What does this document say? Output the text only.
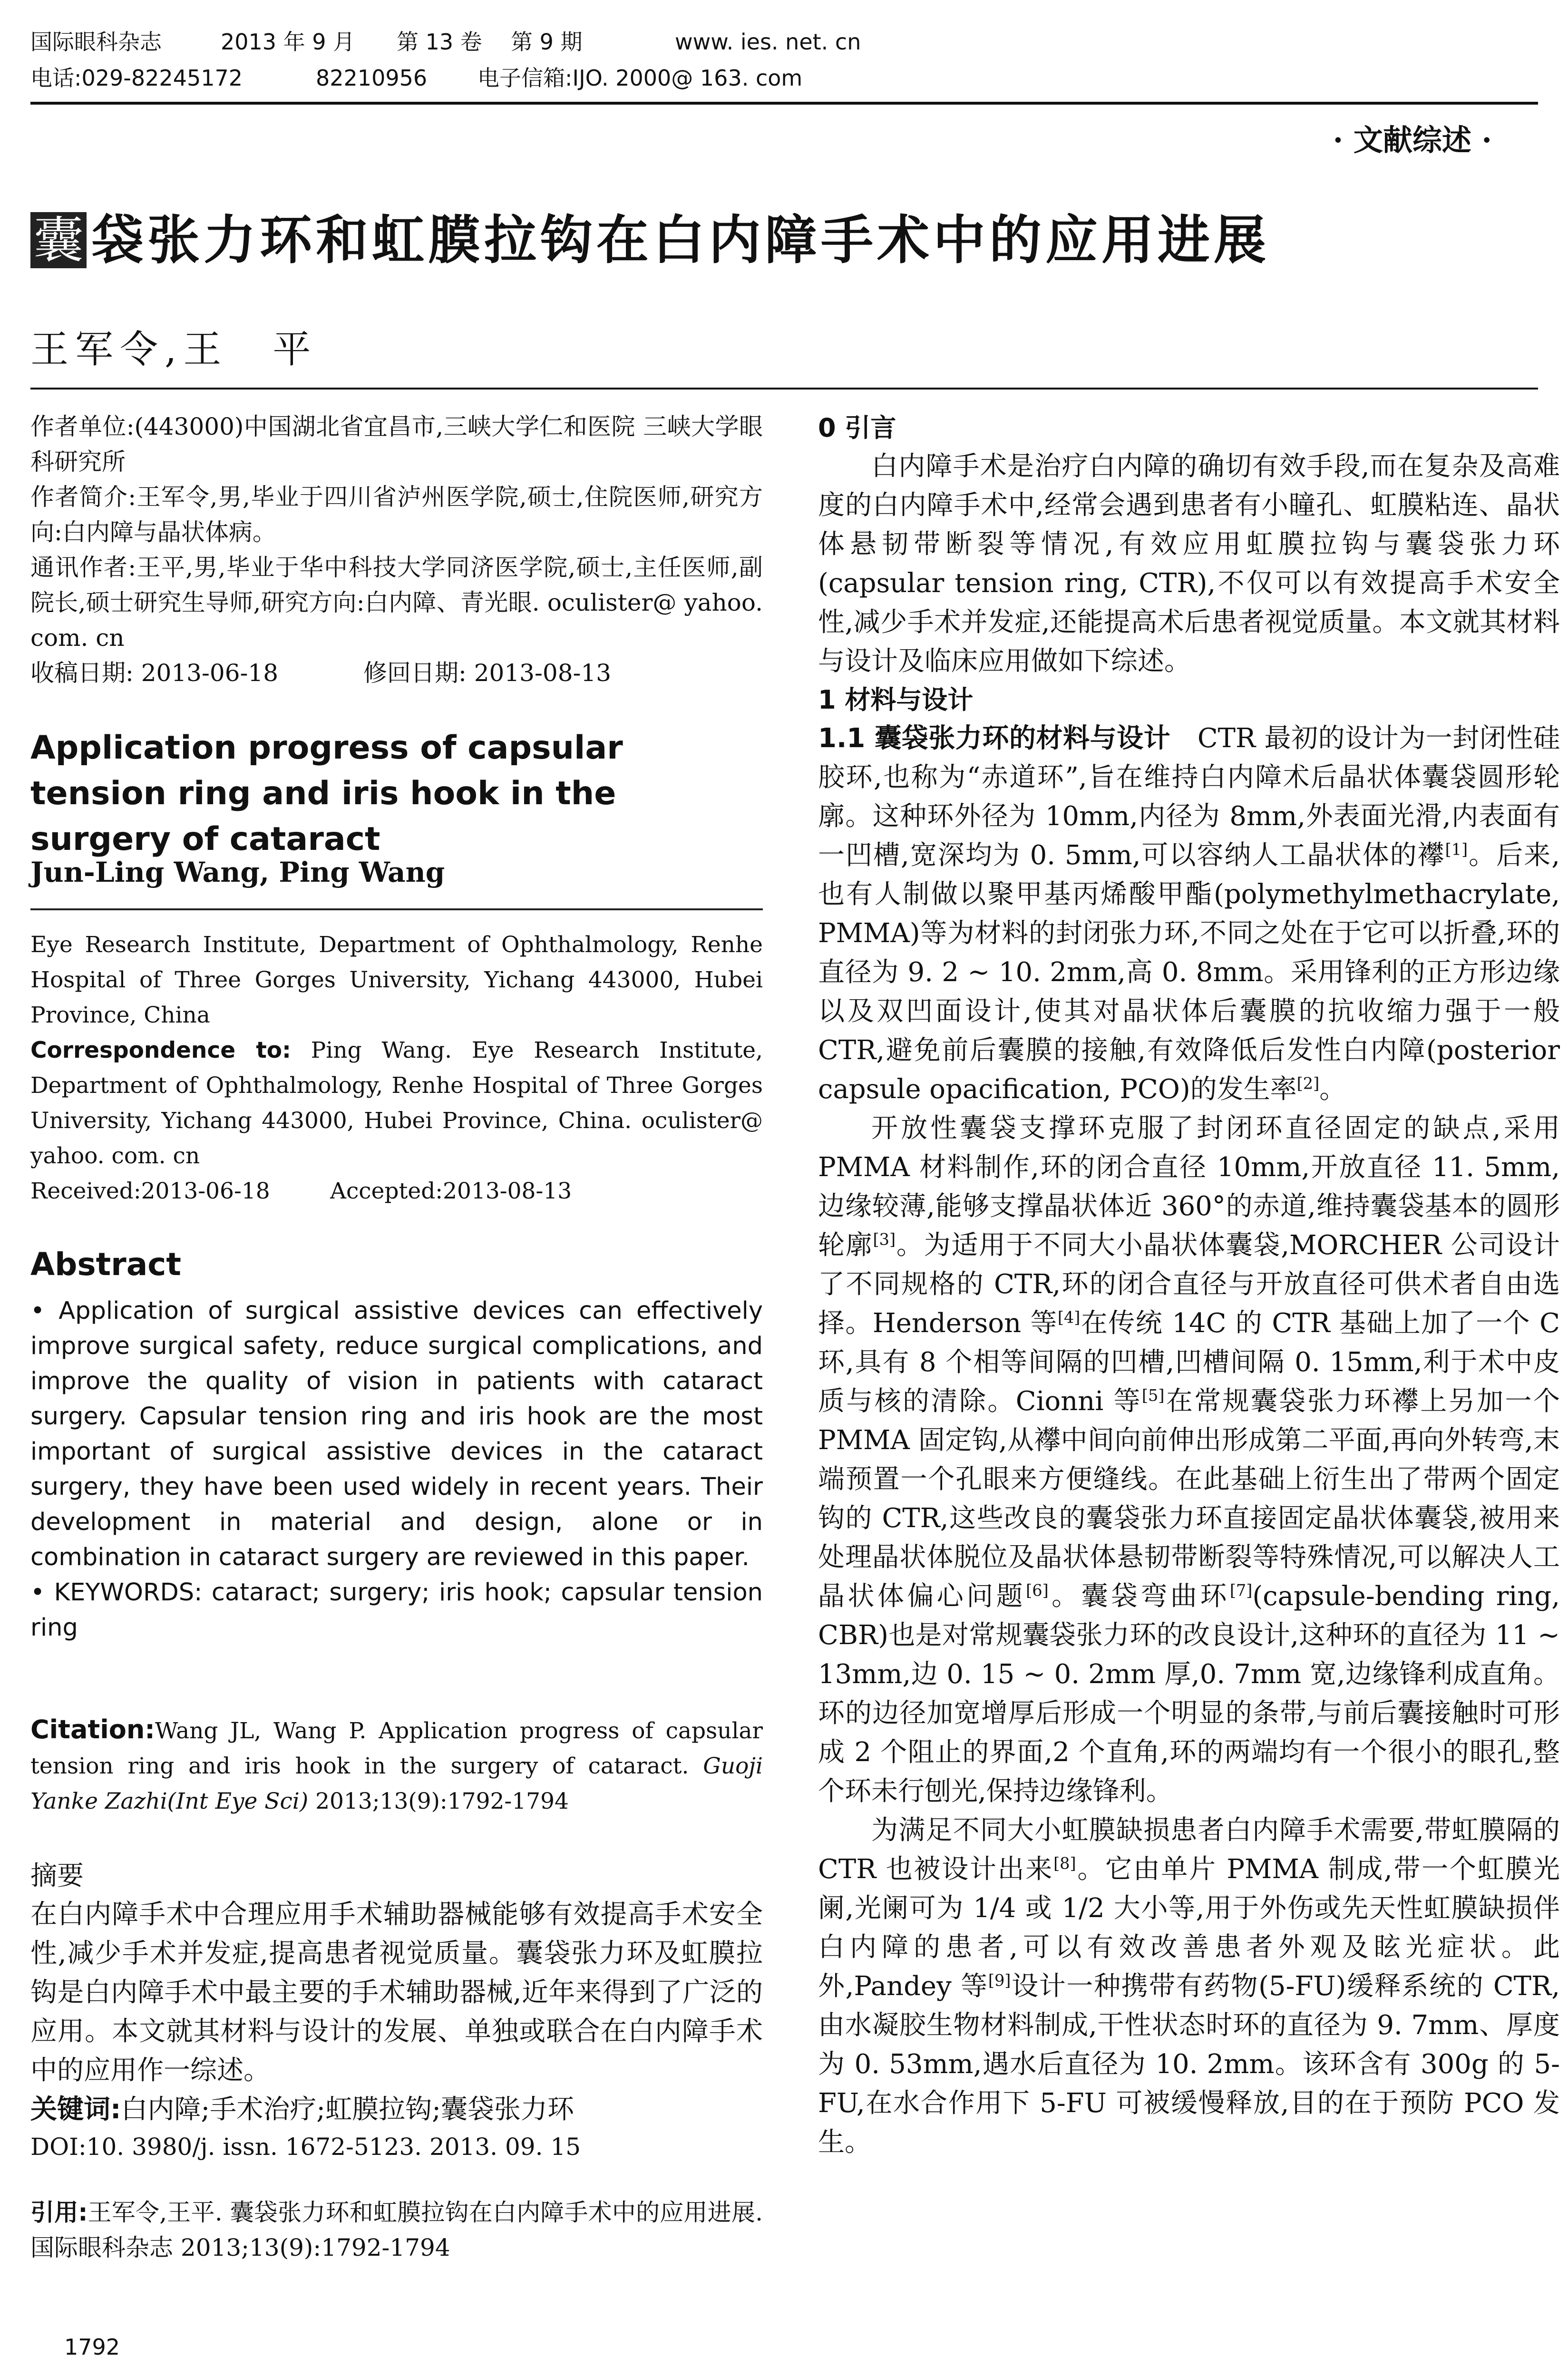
国际眼科杂志	2013 年 9 月	第 13 卷	第 9 期	www. ies. net. cn
电话:029-82245172	82210956	电子信箱:IJO. 2000@ 163. com
· 文献综述 ·
囊 袋张力环和虹膜拉钩在白内障手术中的应用进展
王军令,王　平

作者单位:(443000)中国湖北省宜昌市,三峡大学仁和医院 三峡大学眼科研究所

作者简介:王军令,男,毕业于四川省泸州医学院,硕士,住院医师,研究方向:白内障与晶状体病。

通讯作者:王平,男,毕业于华中科技大学同济医学院,硕士,主任医师,副院长,硕士研究生导师,研究方向:白内障、青光眼. oculister@ yahoo. com. cn

收稿日期: 2013-06-18	修回日期: 2013-08-13

Application progress of capsular tension ring and iris hook in the surgery of cataract
Jun-Ling Wang, Ping Wang

Eye Research Institute, Department of Ophthalmology, Renhe Hospital of Three Gorges University, Yichang 443000, Hubei Province, China

Correspondence to: Ping Wang. Eye Research Institute, Department of Ophthalmology, Renhe Hospital of Three Gorges University, Yichang 443000, Hubei Province, China. oculister@ yahoo. com. cn

Received:2013-06-18	Accepted:2013-08-13

Abstract
• Application of surgical assistive devices can effectively improve surgical safety, reduce surgical complications, and improve the quality of vision in patients with cataract surgery. Capsular tension ring and iris hook are the most important of surgical assistive devices in the cataract surgery, they have been used widely in recent years. Their development in material and design, alone or in combination in cataract surgery are reviewed in this paper.
• KEYWORDS: cataract; surgery; iris hook; capsular tension ring

Citation:Wang JL, Wang P. Application progress of capsular tension ring and iris hook in the surgery of cataract. Guoji Yanke Zazhi(Int Eye Sci) 2013;13(9):1792-1794

摘要

在白内障手术中合理应用手术辅助器械能够有效提高手术安全性,减少手术并发症,提高患者视觉质量。囊袋张力环及虹膜拉钩是白内障手术中最主要的手术辅助器械,近年来得到了广泛的应用。本文就其材料与设计的发展、单独或联合在白内障手术中的应用作一综述。

关键词:白内障;手术治疗;虹膜拉钩;囊袋张力环

DOI:10. 3980/j. issn. 1672-5123. 2013. 09. 15

引用:王军令,王平. 囊袋张力环和虹膜拉钩在白内障手术中的应用进展. 国际眼科杂志 2013;13(9):1792-1794

1792

0 引言

白内障手术是治疗白内障的确切有效手段,而在复杂及高难度的白内障手术中,经常会遇到患者有小瞳孔、虹膜粘连、晶状体悬韧带断裂等情况,有效应用虹膜拉钩与囊袋张力环(capsular tension ring, CTR),不仅可以有效提高手术安全性,减少手术并发症,还能提高术后患者视觉质量。本文就其材料与设计及临床应用做如下综述。

1 材料与设计

1.1 囊袋张力环的材料与设计　 CTR 最初的设计为一封闭性硅胶环,也称为“赤道环”,旨在维持白内障术后晶状体囊袋圆形轮廓。这种环外径为 10mm,内径为 8mm,外表面光滑,内表面有一凹槽,宽深均为 0. 5mm,可以容纳人工晶状体的襻[1]。后来,也有人制做以聚甲基丙烯酸甲酯(polymethylmethacrylate, PMMA)等为材料的封闭张力环,不同之处在于它可以折叠,环的直径为 9. 2 ~ 10. 2mm,高 0. 8mm。采用锋利的正方形边缘以及双凹面设计,使其对晶状体后囊膜的抗收缩力强于一般 CTR,避免前后囊膜的接触,有效降低后发性白内障(posterior capsule opacification, PCO)的发生率[2]。

开放性囊袋支撑环克服了封闭环直径固定的缺点,采用 PMMA 材料制作,环的闭合直径 10mm,开放直径 11. 5mm,边缘较薄,能够支撑晶状体近 360°的赤道,维持囊袋基本的圆形轮廓[3]。为适用于不同大小晶状体囊袋,MORCHER 公司设计了不同规格的 CTR,环的闭合直径与开放直径可供术者自由选择。Henderson 等[4]在传统 14C 的 CTR 基础上加了一个 C 环,具有 8 个相等间隔的凹槽,凹槽间隔 0. 15mm,利于术中皮质与核的清除。Cionni 等[5]在常规囊袋张力环襻上另加一个 PMMA 固定钩,从襻中间向前伸出形成第二平面,再向外转弯,末端预置一个孔眼来方便缝线。在此基础上衍生出了带两个固定钩的 CTR,这些改良的囊袋张力环直接固定晶状体囊袋,被用来处理晶状体脱位及晶状体悬韧带断裂等特殊情况,可以解决人工晶状体偏心问题[6]。囊袋弯曲环[7](capsule-bending ring, CBR)也是对常规囊袋张力环的改良设计,这种环的直径为 11 ~ 13mm,边 0. 15 ~ 0. 2mm 厚,0. 7mm 宽,边缘锋利成直角。环的边径加宽增厚后形成一个明显的条带,与前后囊接触时可形成 2 个阻止的界面,2 个直角,环的两端均有一个很小的眼孔,整个环未行刨光,保持边缘锋利。

为满足不同大小虹膜缺损患者白内障手术需要,带虹膜隔的 CTR 也被设计出来[8]。它由单片 PMMA 制成,带一个虹膜光阑,光阑可为 1/4 或 1/2 大小等,用于外伤或先天性虹膜缺损伴白内障的患者,可以有效改善患者外观及眩光症状。此外,Pandey 等[9]设计一种携带有药物(5-FU)缓释系统的 CTR,由水凝胶生物材料制成,干性状态时环的直径为 9. 7mm、厚度为 0. 53mm,遇水后直径为 10. 2mm。该环含有 300g 的 5-FU,在水合作用下 5-FU 可被缓慢释放,目的在于预防 PCO 发生。
